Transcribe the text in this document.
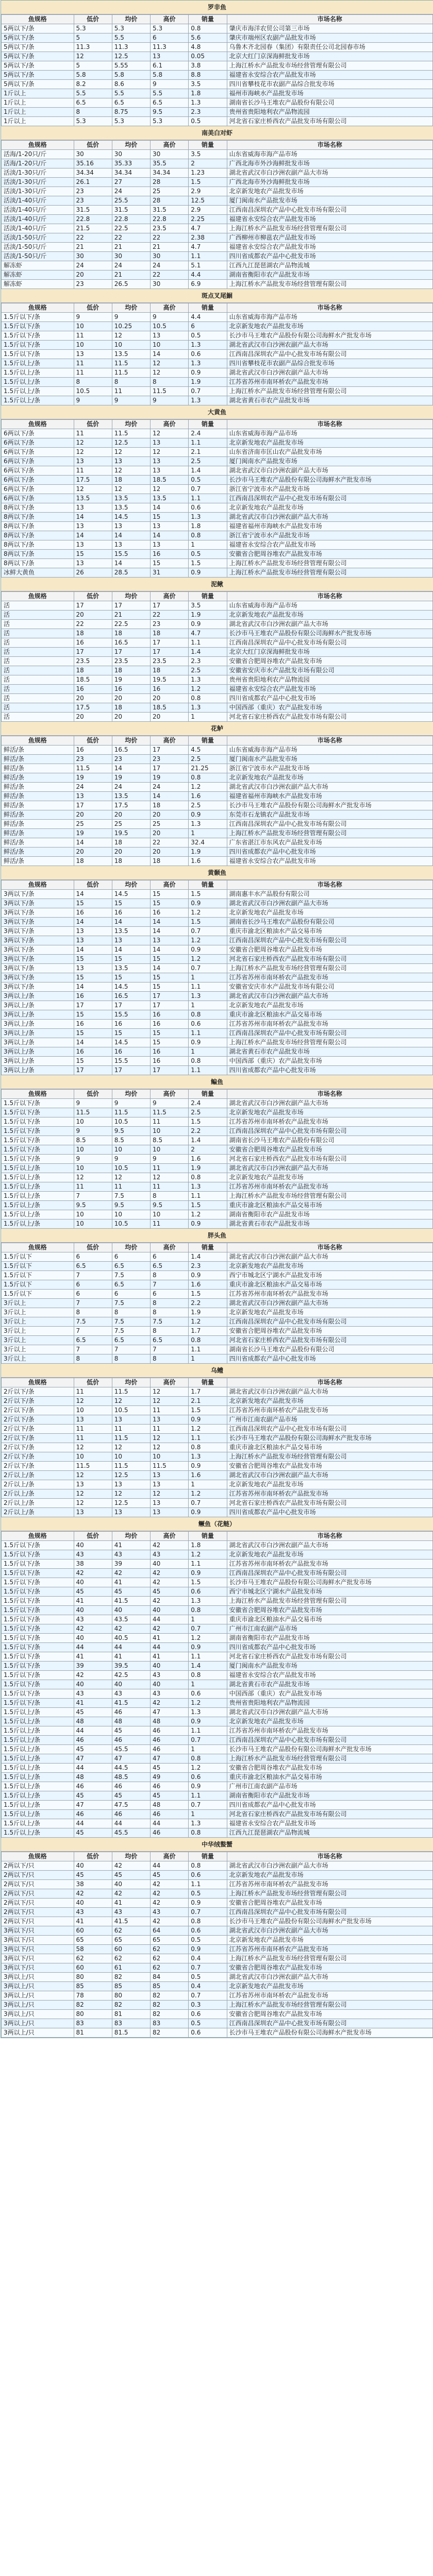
罗非鱼
鱼规格	低价	均价	高价	销量	市场名称
5两以下/条	5.3	5.3	5.3	0.8	肇庆市海洋农贸公司第三市场
5两以下/条	5	5.5	6	5.6	肇庆市端州区农副产品批发市场
5两以下/条	11.3	11.3	11.3	4.8	乌鲁木齐北园春（集团）有限责任公司北园春市场
5两以下/条	12	12.5	13	0.05	北京大红门京深海鲜批发市场
5两以下/条	5	5.55	6.1	3.8	上海江桥水产品批发市场经营管理有限公司
5两以下/条	5.8	5.8	5.8	8.8	福建省永安综合农产品批发市场
5两以下/条	8.2	8.6	9	3.5	四川省攀枝花市农副产品综合批发市场
1斤以上	5.5	5.5	5.5	1.8	福州市海峡水产品批发市场
1斤以上	6.5	6.5	6.5	1.3	湖南省长沙马王堆农产品股份有限公司
1斤以上	8	8.75	9.5	2.3	贵州省贵阳地利农产品物流园
1斤以上	5.3	5.3	5.3	0.5	河北省石家庄桥西农产品批发市场有限公司
南美白对虾
鱼规格	低价	均价	高价	销量	市场名称
活海/1-20只/斤	30	30	30	3.5	山东省威海市海产品市场
活海/1-20只/斤	35.16	35.33	35.5	2	广西北海市外沙海鲜批发市场
活淡/1-30只/斤	34.34	34.34	34.34	1.23	湖北省武汉市白沙洲农副产品大市场
活淡/1-30只/斤	26.1	27	28	1.5	广西北海市外沙海鲜批发市场
活淡/1-30只/斤	23	24	25	2.9	北京新发地农产品批发市场
活淡/1-40只/斤	23	25.5	28	12.5	厦门闽南水产品批发市场
活淡/1-40只/斤	31.5	31.5	31.5	2.9	江西南昌深圳农产品中心批发市场有限公司
活淡/1-40只/斤	22.8	22.8	22.8	2.25	福建省永安综合农产品批发市场
活淡/1-40只/斤	21.5	22.5	23.5	4.7	上海江桥水产品批发市场经营管理有限公司
活淡/1-50只/斤	22	22	22	2.38	广西柳州市柳邕农产品批发市场
活淡/1-50只/斤	21	21	21	4.7	福建省永安综合农产品批发市场
活淡/1-50只/斤	30	30	30	1.1	四川省成都农产品中心批发市场
解冻虾	24	24	24	5.1	江西九江琵琶湖农产品物流城
解冻虾	20	21	22	4.4	湖南省衡阳市农产品批发市场
解冻虾	23	26.5	30	6.9	上海江桥水产品批发市场经营管理有限公司
斑点叉尾鮰
鱼规格	低价	均价	高价	销量	市场名称
1.5斤以下/条	9	9	9	4.4	山东省威海市海产品市场
1.5斤以下/条	10	10.25	10.5	6	北京新发地农产品批发市场
1.5斤以下/条	11	12	13	0.5	长沙市马王堆农产品股份有限公司海鲜水产批发市场
1.5斤以下/条	10	10	10	1.3	湖北省武汉市白沙洲农副产品大市场
1.5斤以下/条	13	13.5	14	0.6	江西南昌深圳农产品中心批发市场有限公司
1.5斤以上/条	11	11.5	12	1.3	四川省攀枝花市农副产品综合批发市场
1.5斤以上/条	11	11.5	12	0.9	湖北省武汉市白沙洲农副产品大市场
1.5斤以上/条	8	8	8	1.9	江苏省苏州市南环桥农产品批发市场
1.5斤以上/条	10.5	11	11.5	0.7	上海江桥水产品批发市场经营管理有限公司
1.5斤以上/条	9	9	9	1.3	湖北省黄石市农产品批发市场
大黄鱼
鱼规格	低价	均价	高价	销量	市场名称
6两以下/条	11	11.5	12	2.4	山东省威海市海产品市场
6两以下/条	12	12.5	13	1.1	北京新发地农产品批发市场
6两以下/条	12	12	12	2.1	山东省济南市匡山农产品批发市场
6两以下/条	13	13	13	2.5	厦门闽南水产品批发市场
6两以下/条	11	12	13	1.4	湖北省武汉市白沙洲农副产品大市场
6两以下/条	17.5	18	18.5	0.5	长沙市马王堆农产品股份有限公司海鲜水产批发市场
6两以下/条	12	12	12	0.7	浙江省宁波市水产品批发市场
6两以下/条	13.5	13.5	13.5	1.1	江西南昌深圳农产品中心批发市场有限公司
8两以下/条	13	13.5	14	0.6	北京新发地农产品批发市场
8两以下/条	14	14.5	15	1.3	湖北省武汉市白沙洲农副产品大市场
8两以下/条	13	13	13	1.8	福建省福州市海峡水产品批发市场
8两以下/条	14	14	14	0.8	浙江省宁波市水产品批发市场
8两以下/条	13	13	13	1	福建省永安综合农产品批发市场
8两以下/条	15	15.5	16	0.5	安徽省合肥周谷堆农产品批发市场
8两以下/条	13	14	15	1.5	上海江桥水产品批发市场经营管理有限公司
冰鲜大黄鱼	26	28.5	31	0.9	上海江桥水产品批发市场经营管理有限公司
泥鳅
鱼规格	低价	均价	高价	销量	市场名称
活	17	17	17	3.5	山东省威海市海产品市场
活	20	21	22	1.9	北京新发地农产品批发市场
活	22	22.5	23	0.9	湖北省武汉市白沙洲农副产品大市场
活	18	18	18	4.7	长沙市马王堆农产品股份有限公司海鲜水产批发市场
活	16	16.5	17	1.1	江西南昌深圳农产品中心批发市场有限公司
活	17	17	17	1.4	北京大红门京深海鲜批发市场
活	23.5	23.5	23.5	2.3	安徽省合肥周谷堆农产品批发市场
活	18	18	18	2.5	安徽省安庆市水产品批发市场有限公司
活	18.5	19	19.5	1.3	贵州省贵阳地利农产品物流园
活	16	16	16	1.2	福建省永安综合农产品批发市场
活	20	20	20	0.8	四川省成都农产品中心批发市场
活	17.5	18	18.5	1.3	中国西部（重庆）农产品批发市场
活	20	20	20	1	河北省石家庄桥西农产品批发市场有限公司
花鲈
鱼规格	低价	均价	高价	销量	市场名称
鲜活/条	16	16.5	17	4.5	山东省威海市海产品市场
鲜活/条	23	23	23	2.5	厦门闽南水产品批发市场
鲜活/条	11.5	14	17	21.25	浙江省宁波市水产品批发市场
鲜活/条	19	19	19	0.8	北京新发地农产品批发市场
鲜活/条	24	24	24	1.2	湖北省武汉市白沙洲农副产品大市场
鲜活/条	13	13.5	14	1.6	福建省福州市海峡水产品批发市场
鲜活/条	17	17.5	18	2.5	长沙市马王堆农产品股份有限公司海鲜水产批发市场
鲜活/条	20	20	20	0.9	东莞市石龙镇农产品批发市场
鲜活/条	25	25	25	1.3	江西南昌深圳农产品中心批发市场有限公司
鲜活/条	19	19.5	20	1	上海江桥水产品批发市场经营管理有限公司
鲜活/条	14	18	22	32.4	广东省湛江市东风农产品批发市场
鲜活/条	20	20	20	1.9	四川省成都农产品中心批发市场
鲜活/条	18	18	18	1.6	福建省永安综合农产品批发市场
黄颡鱼
鱼规格	低价	均价	高价	销量	市场名称
3两以下/条	14	14.5	15	1.5	湖南惠丰水产品股份有限公司
3两以下/条	15	15	15	0.9	湖北省武汉市白沙洲农副产品大市场
3两以下/条	16	16	16	1.2	北京新发地农产品批发市场
3两以下/条	14	14	14	1.5	湖南省长沙马王堆农产品股份有限公司
3两以下/条	13	13.5	14	0.7	重庆市渝北区粮油水产品交易市场
3两以下/条	13	13	13	1.2	江西南昌深圳农产品中心批发市场有限公司
3两以下/条	14	14	14	0.9	安徽省合肥周谷堆农产品批发市场
3两以下/条	15	15	15	1.2	河北省石家庄桥西农产品批发市场有限公司
3两以下/条	13	13.5	14	0.7	上海江桥水产品批发市场经营管理有限公司
3两以下/条	15	15	15	1	江苏省苏州市南环桥农产品批发市场
3两以下/条	14	14.5	15	1.1	安徽省安庆市水产品批发市场有限公司
3两以上/条	16	16.5	17	1.3	湖北省武汉市白沙洲农副产品大市场
3两以上/条	17	17	17	1	北京新发地农产品批发市场
3两以上/条	15	15.5	16	0.8	重庆市渝北区粮油水产品交易市场
3两以上/条	16	16	16	0.6	江苏省苏州市南环桥农产品批发市场
3两以上/条	15	15	15	1.1	江西南昌深圳农产品中心批发市场有限公司
3两以上/条	14	14.5	15	0.9	上海江桥水产品批发市场经营管理有限公司
3两以上/条	16	16	16	1	湖北省黄石市农产品批发市场
3两以上/条	15	15.5	16	0.8	中国西部（重庆）农产品批发市场
3两以上/条	17	17	17	1.1	四川省成都农产品中心批发市场
鳊鱼
鱼规格	低价	均价	高价	销量	市场名称
1.5斤以下/条	9	9	9	2.4	湖北省武汉市白沙洲农副产品大市场
1.5斤以下/条	11.5	11.5	11.5	2.5	北京新发地农产品批发市场
1.5斤以下/条	10	10.5	11	1.5	江苏省苏州市南环桥农产品批发市场
1.5斤以下/条	9	9.5	10	2.2	江西南昌深圳农产品中心批发市场有限公司
1.5斤以下/条	8.5	8.5	8.5	1.4	湖南省长沙马王堆农产品股份有限公司
1.5斤以下/条	10	10	10	2	安徽省合肥周谷堆农产品批发市场
1.5斤以下/条	9	9	9	1.6	河北省石家庄桥西农产品批发市场有限公司
1.5斤以上/条	10	10.5	11	1.9	湖北省武汉市白沙洲农副产品大市场
1.5斤以上/条	12	12	12	0.8	北京新发地农产品批发市场
1.5斤以上/条	11	11	11	1.3	江苏省苏州市南环桥农产品批发市场
1.5斤以上/条	7	7.5	8	1.1	上海江桥水产品批发市场经营管理有限公司
1.5斤以上/条	9.5	9.5	9.5	1.5	重庆市渝北区粮油水产品交易市场
1.5斤以上/条	10	10	10	1.2	湖南省衡阳市农产品批发市场
1.5斤以上/条	10	10.5	11	0.9	湖北省黄石市农产品批发市场
胖头鱼
鱼规格	低价	均价	高价	销量	市场名称
1.5斤以下	6	6	6	1.4	湖北省武汉市白沙洲农副产品大市场
1.5斤以下	6.5	6.5	6.5	2.3	北京新发地农产品批发市场
1.5斤以下	7	7.5	8	0.9	西宁市城北区宁湖水产品批发市场
1.5斤以下	6	6.5	7	1.6	重庆市渝北区粮油水产品交易市场
1.5斤以下	6	6	6	1.5	江苏省苏州市南环桥农产品批发市场
3斤以上	7	7.5	8	2.2	湖北省武汉市白沙洲农副产品大市场
3斤以上	8	8	8	1.9	北京新发地农产品批发市场
3斤以上	7.5	7.5	7.5	1.2	江西南昌深圳农产品中心批发市场有限公司
3斤以上	7	7.5	8	1.7	安徽省合肥周谷堆农产品批发市场
3斤以上	6.5	6.5	6.5	0.8	河北省石家庄桥西农产品批发市场有限公司
3斤以上	7	7	7	1.1	湖南省长沙马王堆农产品股份有限公司
3斤以上	8	8	8	1	四川省成都农产品中心批发市场
乌鳢
鱼规格	低价	均价	高价	销量	市场名称
2斤以下/条	11	11.5	12	1.7	湖北省武汉市白沙洲农副产品大市场
2斤以下/条	12	12	12	2.1	北京新发地农产品批发市场
2斤以下/条	10	10.5	11	1.5	江苏省苏州市南环桥农产品批发市场
2斤以下/条	13	13	13	0.9	广州市江南农副产品市场
2斤以下/条	11	11	11	1.2	江西南昌深圳农产品中心批发市场有限公司
2斤以下/条	11	11.5	12	1.1	长沙市马王堆农产品股份有限公司海鲜水产批发市场
2斤以下/条	12	12	12	0.8	重庆市渝北区粮油水产品交易市场
2斤以下/条	10	10	10	1.3	上海江桥水产品批发市场经营管理有限公司
2斤以下/条	11.5	11.5	11.5	0.9	安徽省合肥周谷堆农产品批发市场
2斤以上/条	12	12.5	13	1.6	湖北省武汉市白沙洲农副产品大市场
2斤以上/条	13	13	13	1	北京新发地农产品批发市场
2斤以上/条	12	12	12	1.2	江苏省苏州市南环桥农产品批发市场
2斤以上/条	12	12.5	13	0.7	河北省石家庄桥西农产品批发市场有限公司
2斤以上/条	13	13	13	0.9	四川省成都农产品中心批发市场
鳜鱼（花鲢）
鱼规格	低价	均价	高价	销量	市场名称
1.5斤以下/条	40	41	42	1.8	湖北省武汉市白沙洲农副产品大市场
1.5斤以下/条	43	43	43	1.2	北京新发地农产品批发市场
1.5斤以下/条	38	39	40	1.1	江苏省苏州市南环桥农产品批发市场
1.5斤以下/条	42	42	42	0.9	江西南昌深圳农产品中心批发市场有限公司
1.5斤以下/条	40	41	42	1.5	长沙市马王堆农产品股份有限公司海鲜水产批发市场
1.5斤以下/条	45	45	45	0.6	西宁市城北区宁湖水产品批发市场
1.5斤以下/条	41	41.5	42	1.3	上海江桥水产品批发市场经营管理有限公司
1.5斤以下/条	40	40	40	0.8	安徽省合肥周谷堆农产品批发市场
1.5斤以下/条	43	43.5	44	1	重庆市渝北区粮油水产品交易市场
1.5斤以下/条	42	42	42	0.7	广州市江南农副产品市场
1.5斤以下/条	40	40.5	41	1.2	湖南省衡阳市农产品批发市场
1.5斤以下/条	44	44	44	0.9	四川省成都农产品中心批发市场
1.5斤以下/条	41	41	41	1.1	河北省石家庄桥西农产品批发市场有限公司
1.5斤以下/条	39	39.5	40	1.4	厦门闽南水产品批发市场
1.5斤以下/条	42	42.5	43	0.8	福建省永安综合农产品批发市场
1.5斤以下/条	40	40	40	1	湖北省黄石市农产品批发市场
1.5斤以下/条	43	43	43	0.6	中国西部（重庆）农产品批发市场
1.5斤以下/条	41	41.5	42	1.2	贵州省贵阳地利农产品物流园
1.5斤以上/条	45	46	47	1.3	湖北省武汉市白沙洲农副产品大市场
1.5斤以上/条	48	48	48	0.9	北京新发地农产品批发市场
1.5斤以上/条	44	45	46	1.1	江苏省苏州市南环桥农产品批发市场
1.5斤以上/条	46	46	46	0.7	江西南昌深圳农产品中心批发市场有限公司
1.5斤以上/条	45	45.5	46	1	长沙市马王堆农产品股份有限公司海鲜水产批发市场
1.5斤以上/条	47	47	47	0.8	上海江桥水产品批发市场经营管理有限公司
1.5斤以上/条	44	44.5	45	1.2	安徽省合肥周谷堆农产品批发市场
1.5斤以上/条	48	48.5	49	0.6	重庆市渝北区粮油水产品交易市场
1.5斤以上/条	46	46	46	0.9	广州市江南农副产品市场
1.5斤以上/条	45	45	45	1.1	湖南省衡阳市农产品批发市场
1.5斤以上/条	47	47.5	48	0.7	四川省成都农产品中心批发市场
1.5斤以上/条	46	46	46	1	河北省石家庄桥西农产品批发市场有限公司
1.5斤以上/条	44	44	44	1.3	福建省永安综合农产品批发市场
1.5斤以上/条	45	45.5	46	0.8	江西九江琵琶湖农产品物流城
中华绒螯蟹
鱼规格	低价	均价	高价	销量	市场名称
2两以下/只	40	42	44	0.8	湖北省武汉市白沙洲农副产品大市场
2两以下/只	45	45	45	0.6	北京新发地农产品批发市场
2两以下/只	38	40	42	1.1	江苏省苏州市南环桥农产品批发市场
2两以下/只	42	42	42	0.5	上海江桥水产品批发市场经营管理有限公司
2两以下/只	40	41	42	0.9	安徽省合肥周谷堆农产品批发市场
2两以下/只	43	43	43	0.7	江西南昌深圳农产品中心批发市场有限公司
2两以下/只	41	41.5	42	0.8	长沙市马王堆农产品股份有限公司海鲜水产批发市场
3两以下/只	60	62	64	0.6	湖北省武汉市白沙洲农副产品大市场
3两以下/只	65	65	65	0.5	北京新发地农产品批发市场
3两以下/只	58	60	62	0.9	江苏省苏州市南环桥农产品批发市场
3两以下/只	62	62	62	0.4	上海江桥水产品批发市场经营管理有限公司
3两以下/只	60	61	62	0.7	安徽省合肥周谷堆农产品批发市场
3两以上/只	80	82	84	0.5	湖北省武汉市白沙洲农副产品大市场
3两以上/只	85	85	85	0.4	北京新发地农产品批发市场
3两以上/只	78	80	82	0.7	江苏省苏州市南环桥农产品批发市场
3两以上/只	82	82	82	0.3	上海江桥水产品批发市场经营管理有限公司
3两以上/只	80	81	82	0.6	安徽省合肥周谷堆农产品批发市场
3两以上/只	83	83	83	0.5	江西南昌深圳农产品中心批发市场有限公司
3两以上/只	81	81.5	82	0.6	长沙市马王堆农产品股份有限公司海鲜水产批发市场
